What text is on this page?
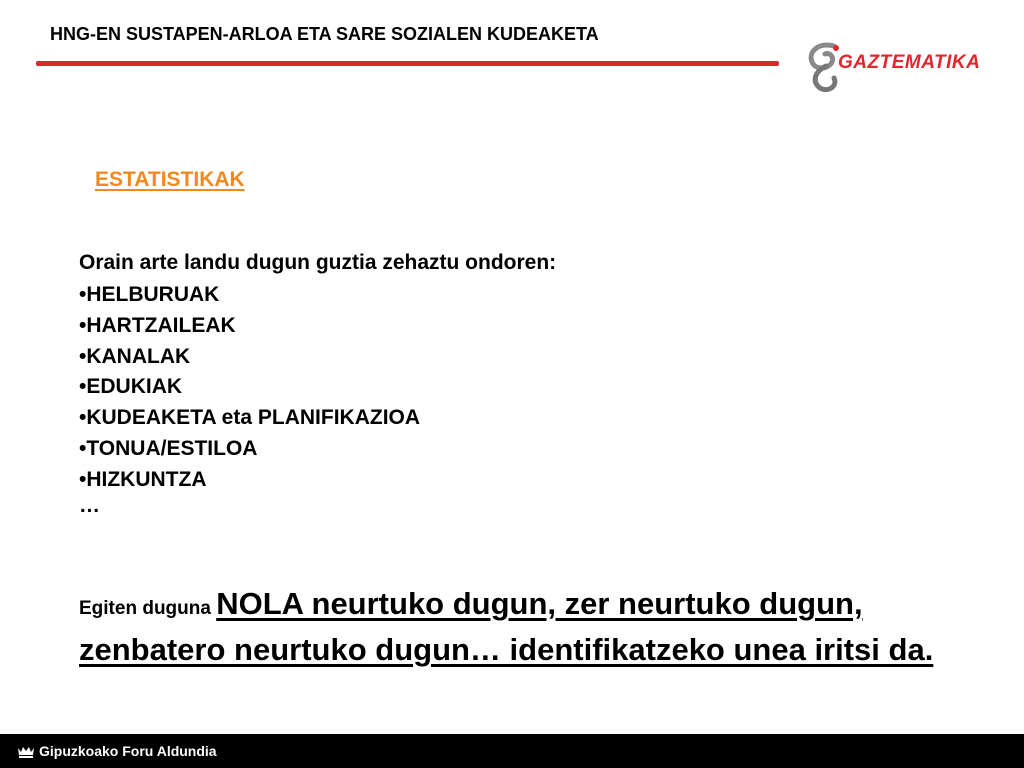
HNG-EN SUSTAPEN-ARLOA ETA SARE SOZIALEN KUDEAKETA
GAZTEMATIKA
ESTATISTIKAK
Orain arte landu dugun guztia zehaztu ondoren:
•HELBURUAK
•HARTZAILEAK
•KANALAK
•EDUKIAK
•KUDEAKETA eta PLANIFIKAZIOA
•TONUA/ESTILOA
•HIZKUNTZA
…
Egiten duguna NOLA neurtuko dugun, zer neurtuko dugun, zenbatero neurtuko dugun… identifikatzeko unea iritsi da.
Gipuzkoako Foru Aldundia
